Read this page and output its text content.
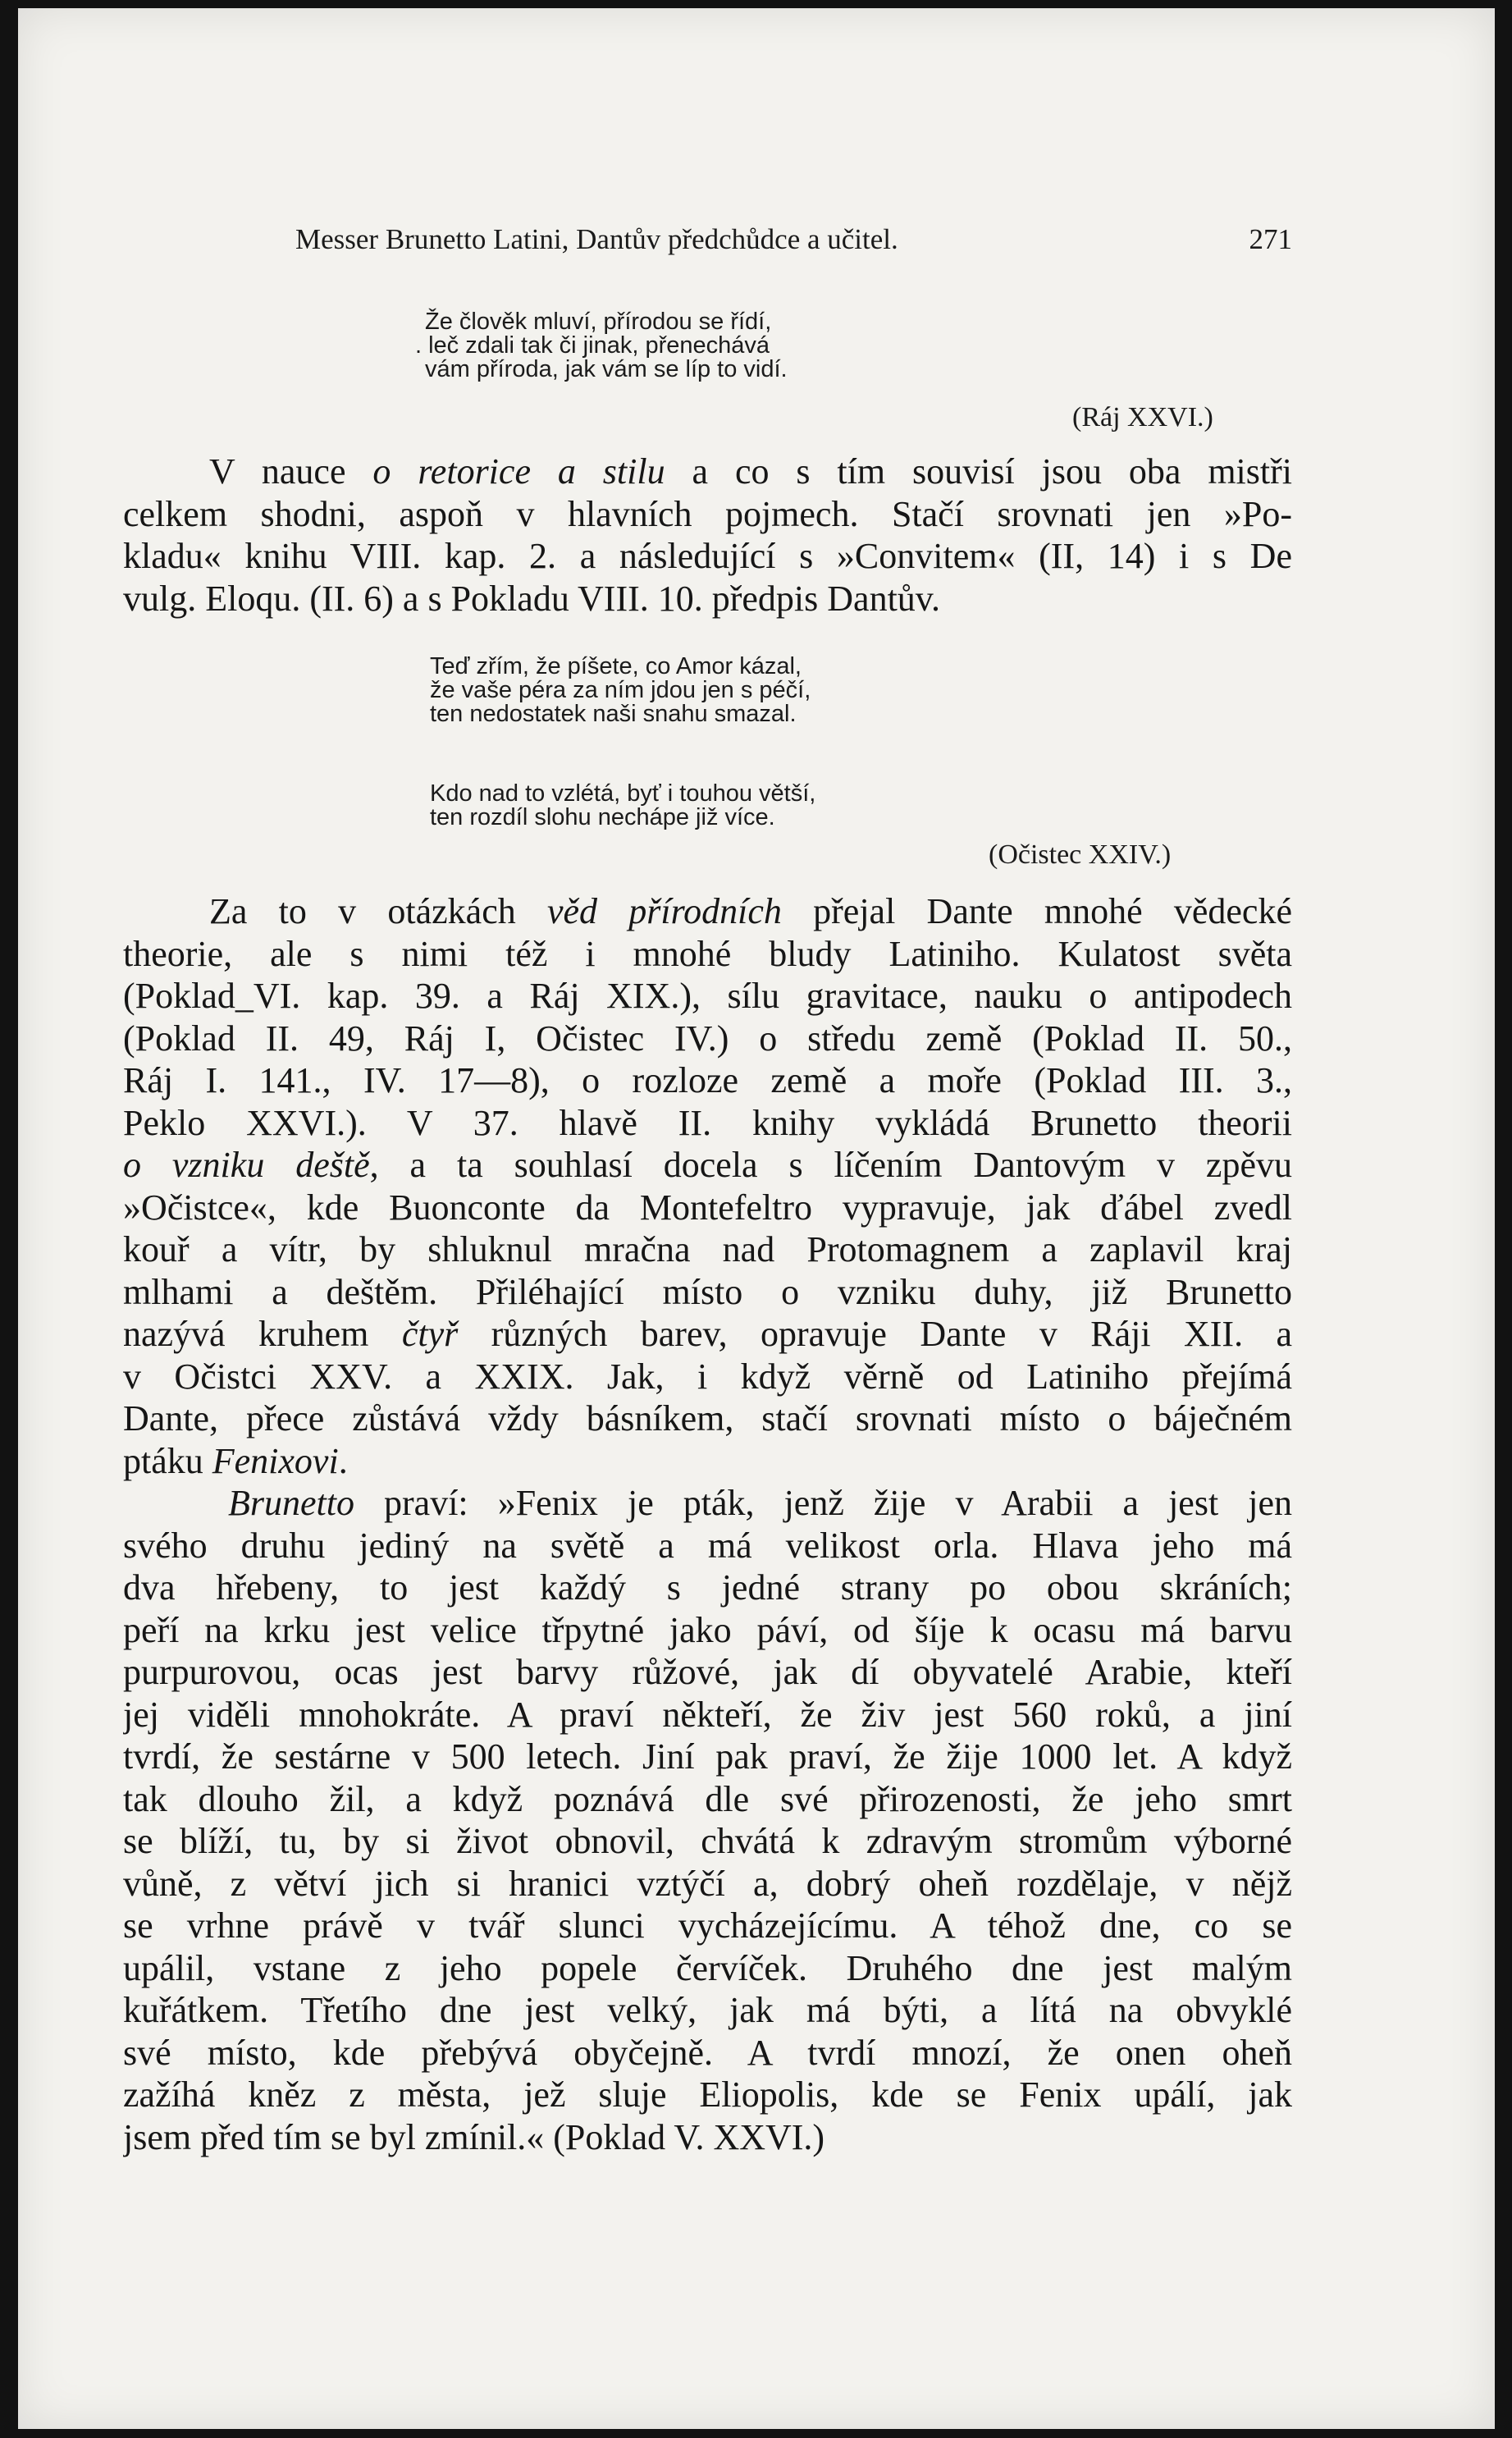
Messer Brunetto Latini, Dantův předchůdce a učitel.	271
Že člověk mluví, přírodou se řídí,
. leč zdali tak či jinak, přenechává
vám příroda, jak vám se líp to vidí.
(Ráj XXVI.)
V nauce o retorice a stilu a co s tím souvisí jsou oba mistři
celkem shodni, aspoň v hlavních pojmech. Stačí srovnati jen »Po-
kladu« knihu VIII. kap. 2. a následující s »Convitem« (II, 14) i s De
vulg. Eloqu. (II. 6) a s Pokladu VIII. 10. předpis Dantův.
Teď zřím, že píšete, co Amor kázal,
že vaše péra za ním jdou jen s péčí,
ten nedostatek naši snahu smazal.
Kdo nad to vzlétá, byť i touhou větší,
ten rozdíl slohu nechápe již více.
(Očistec XXIV.)
Za to v otázkách věd přírodních přejal Dante mnohé vědecké
theorie, ale s nimi též i mnohé bludy Latiniho. Kulatost světa
(Poklad_VI. kap. 39. a Ráj XIX.), sílu gravitace, nauku o antipodech
(Poklad II. 49, Ráj I, Očistec IV.) o středu země (Poklad II. 50.,
Ráj I. 141., IV. 17—8), o rozloze země a moře (Poklad III. 3.,
Peklo XXVI.). V 37. hlavě II. knihy vykládá Brunetto theorii
o vzniku deště, a ta souhlasí docela s líčením Dantovým v zpěvu
»Očistce«, kde Buonconte da Montefeltro vypravuje, jak ďábel zvedl
kouř a vítr, by shluknul mračna nad Protomagnem a zaplavil kraj
mlhami a deštěm. Přiléhající místo o vzniku duhy, již Brunetto
nazývá kruhem čtyř různých barev, opravuje Dante v Ráji XII. a
v Očistci XXV. a XXIX. Jak, i když věrně od Latiniho přejímá
Dante, přece zůstává vždy básníkem, stačí srovnati místo o báječném
ptáku Fenixovi.
Brunetto praví: »Fenix je pták, jenž žije v Arabii a jest jen
svého druhu jediný na světě a má velikost orla. Hlava jeho má
dva hřebeny, to jest každý s jedné strany po obou skráních;
peří na krku jest velice třpytné jako páví, od šíje k ocasu má barvu
purpurovou, ocas jest barvy růžové, jak dí obyvatelé Arabie, kteří
jej viděli mnohokráte. A praví někteří, že živ jest 560 roků, a jiní
tvrdí, že sestárne v 500 letech. Jiní pak praví, že žije 1000 let. A když
tak dlouho žil, a když poznává dle své přirozenosti, že jeho smrt
se blíží, tu, by si život obnovil, chvátá k zdravým stromům výborné
vůně, z větví jich si hranici vztýčí a, dobrý oheň rozdělaje, v nějž
se vrhne právě v tvář slunci vycházejícímu. A téhož dne, co se
upálil, vstane z jeho popele červíček. Druhého dne jest malým
kuřátkem. Třetího dne jest velký, jak má býti, a lítá na obvyklé
své místo, kde přebývá obyčejně. A tvrdí mnozí, že onen oheň
zažíhá kněz z města, jež sluje Eliopolis, kde se Fenix upálí, jak
jsem před tím se byl zmínil.« (Poklad V. XXVI.)
